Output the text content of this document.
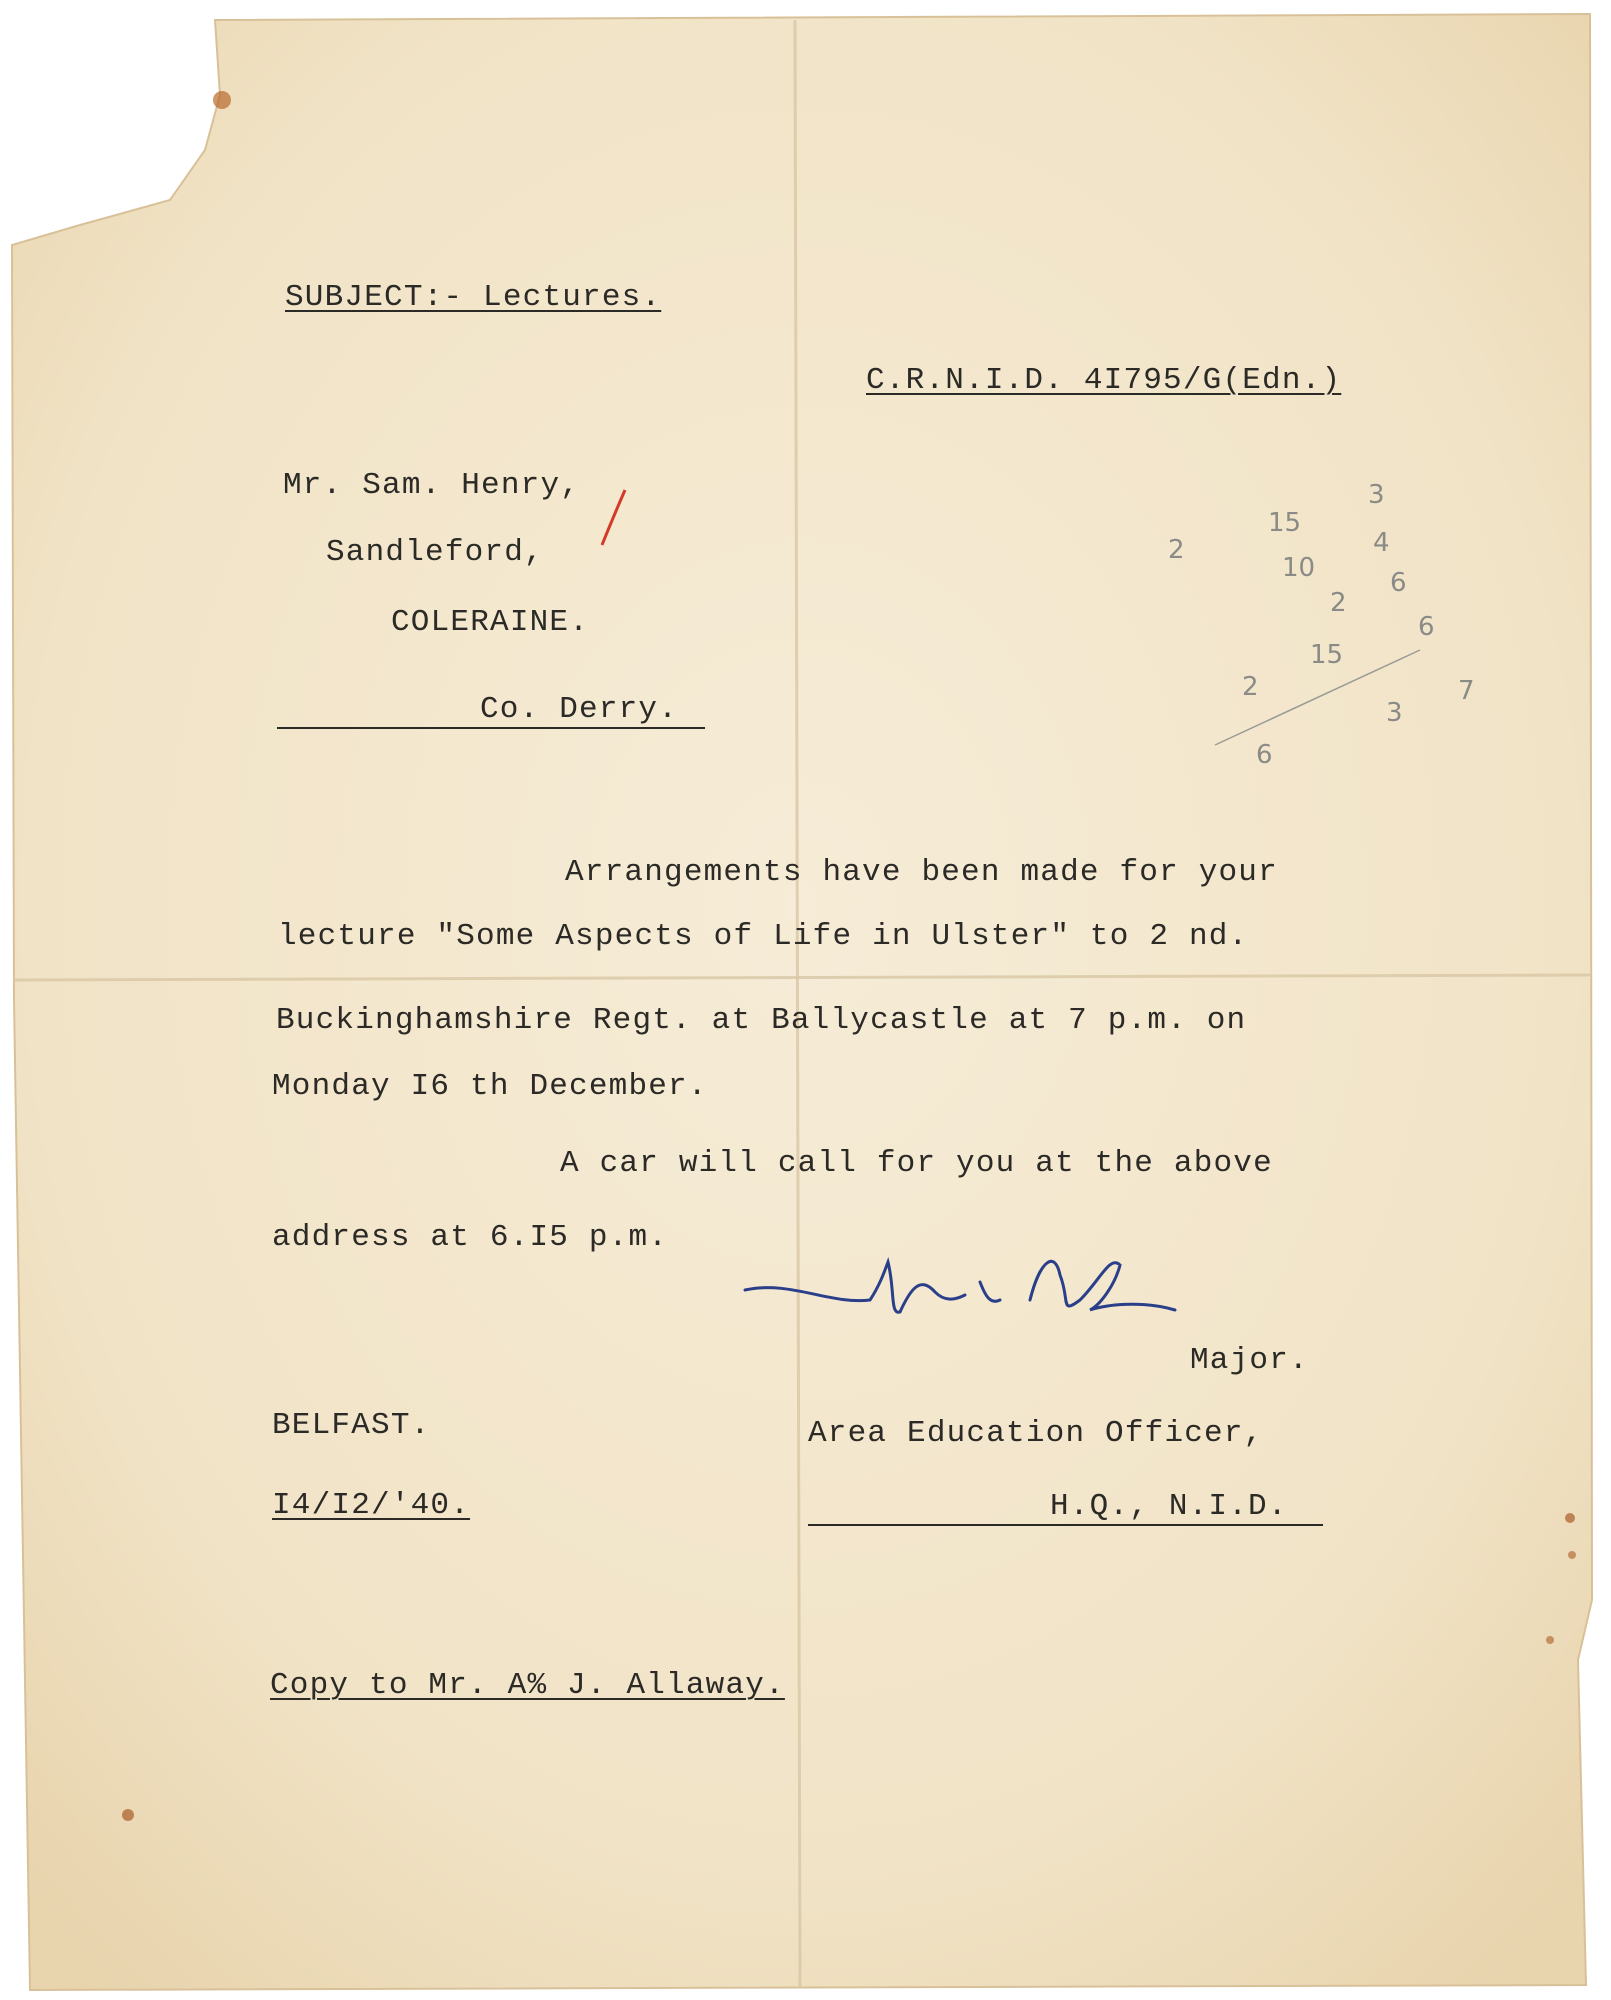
SUBJECT:- Lectures.
C.R.N.I.D. 4I795/G(Edn.)
Mr. Sam. Henry,
Sandleford,
COLERAINE.
Co. Derry.
Arrangements have been made for your
lecture "Some Aspects of Life in Ulster" to 2 nd.
Buckinghamshire Regt. at Ballycastle at 7 p.m. on
Monday I6 th December.
A car will call for you at the above
address at 6.I5 p.m.
Major.
Area Education Officer,
H.Q., N.I.D.
BELFAST.
I4/I2/'40.
Copy to Mr. A% J. Allaway.
3
15
4
2
10	6
2
6
15
2	7
3
6
